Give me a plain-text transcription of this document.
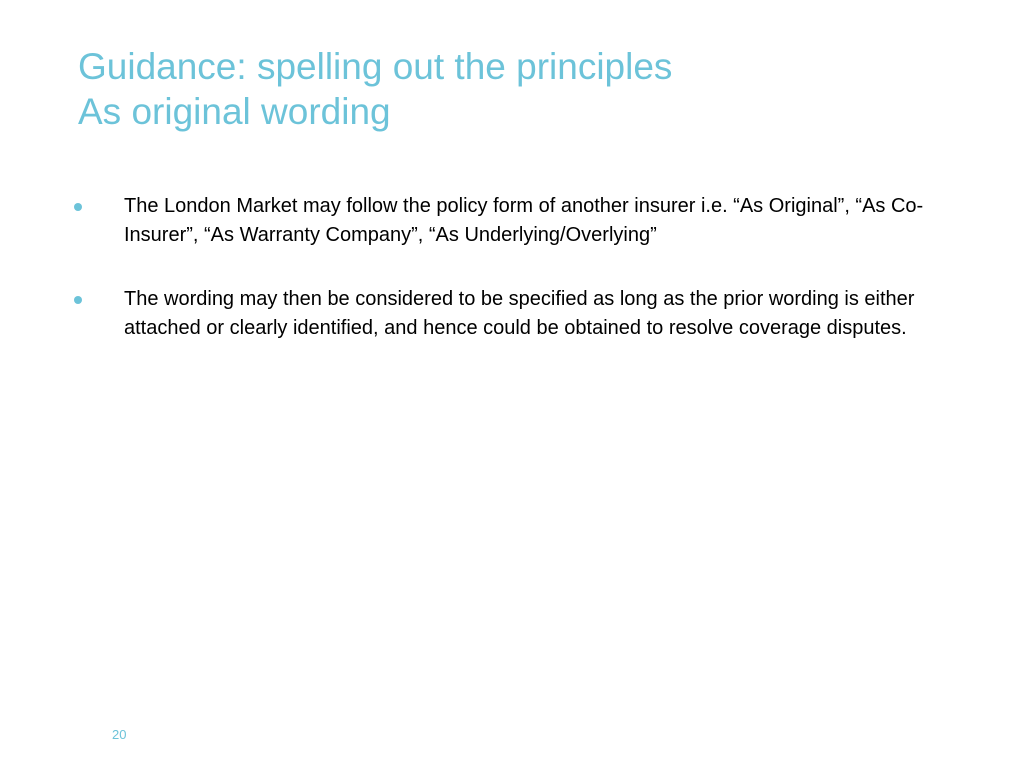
Guidance: spelling out the principles
As original wording
The London Market may follow the policy form of another insurer i.e. “As Original”, “As Co-Insurer”, “As Warranty Company”, “As Underlying/Overlying”
The wording may then be considered to be specified as long as the prior wording is either attached or clearly identified, and hence could be obtained to resolve coverage disputes.
20
